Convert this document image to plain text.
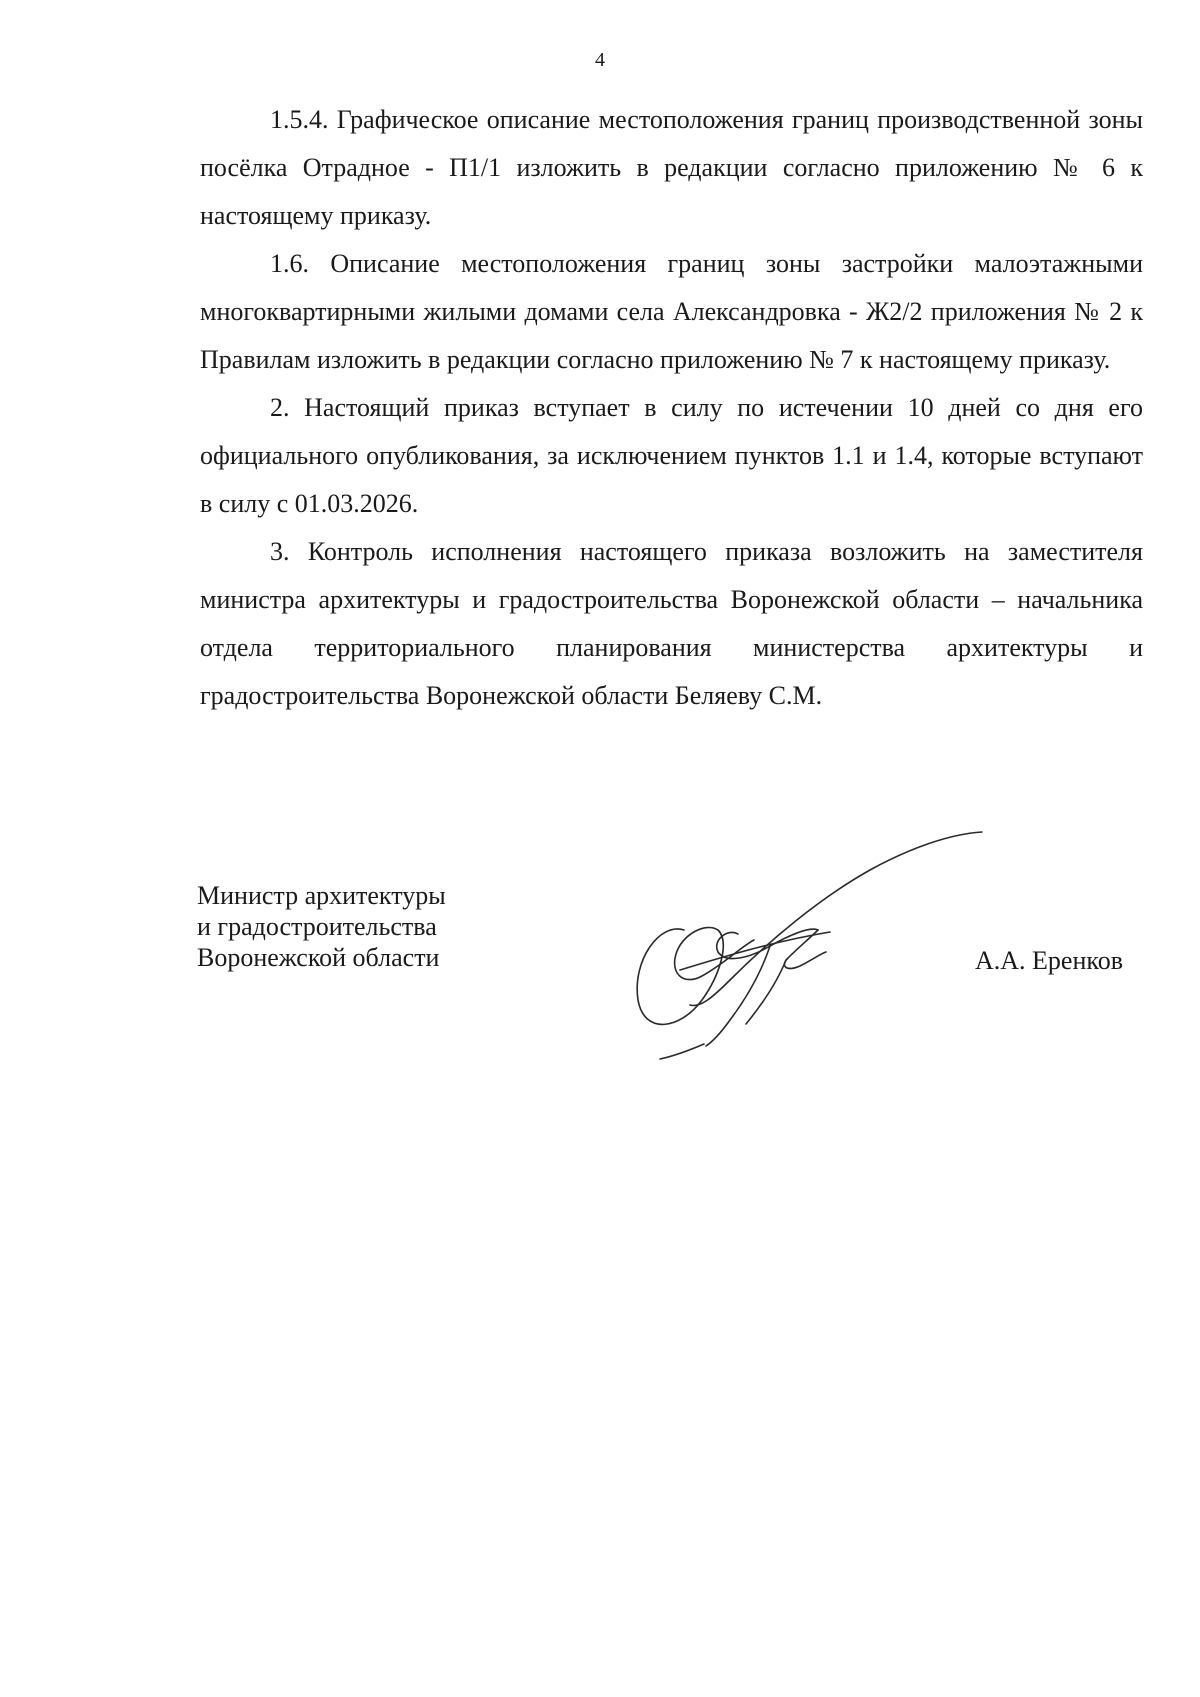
4

1.5.4. Графическое описание местоположения границ производственной зоны посёлка Отрадное - П1/1 изложить в редакции согласно приложению № 6 к настоящему приказу.

1.6. Описание местоположения границ зоны застройки малоэтажными многоквартирными жилыми домами села Александровка - Ж2/2 приложения № 2 к Правилам изложить в редакции согласно приложению № 7 к настоящему приказу.

2. Настоящий приказ вступает в силу по истечении 10 дней со дня его официального опубликования, за исключением пунктов 1.1 и 1.4, которые вступают в силу с 01.03.2026.

3. Контроль исполнения настоящего приказа возложить на заместителя министра архитектуры и градостроительства Воронежской области – начальника отдела территориального планирования министерства архитектуры и градостроительства Воронежской области Беляеву С.М.

Министр архитектуры
и градостроительства
Воронежской области	А.А. Еренков
